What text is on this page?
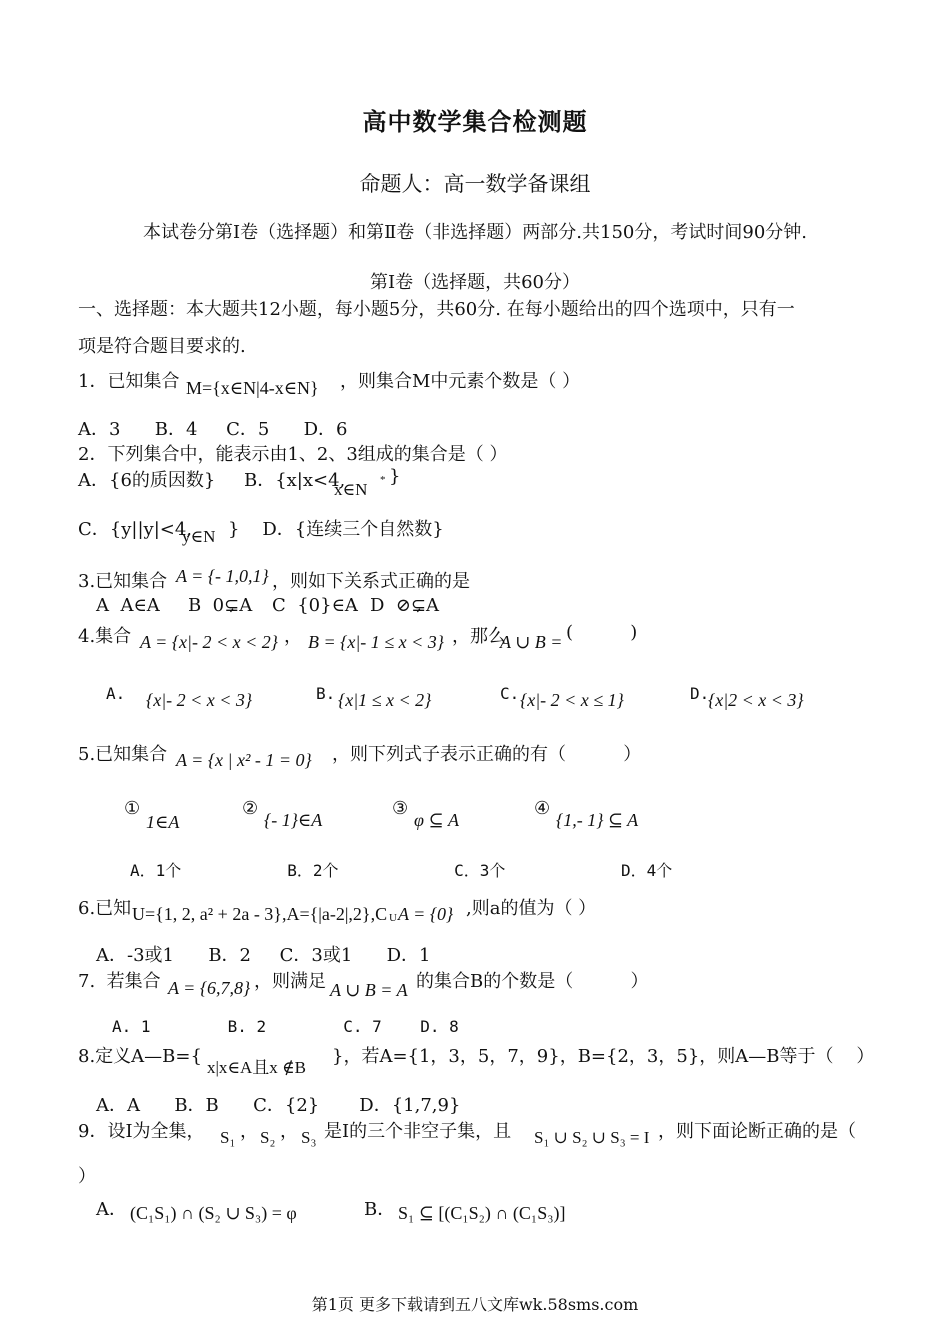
高中数学集合检测题
命题人：高一数学备课组
本试卷分第Ⅰ卷（选择题）和第Ⅱ卷（非选择题）两部分.共150分，考试时间90分钟.
第Ⅰ卷（选择题，共60分）
一、选择题：本大题共12小题，每小题5分，共60分. 在每小题给出的四个选项中，只有一
项是符合题目要求的.
1．已知集合 M={x∈N|4-x∈N} ，则集合M中元素个数是（ ）
A．3      B．4     C．5      D．6
2．下列集合中，能表示由1、2、3组成的集合是（ ）
A．{6的质因数}     B．{x|x<4,
x∈N * }
C．{y||y|<4,
y∈N }    D．{连续三个自然数}
3.已知集合 A = {- 1,0,1} ，则如下关系式正确的是
A  A∈A B  0⊊A C  {0}∈A D  ⊘⊊A
4.集合 A = {x|- 2 < x < 2} ， B = {x|- 1 ≤ x < 3} ，那么
A ∪ B = (          )
A. {x|- 2 < x < 3}	B. {x|1 ≤ x < 2}	C. {x|- 2 < x ≤ 1}	D.
{x|2 < x < 3}
5.已知集合 A = {x | x² - 1 = 0} ，则下列式子表示正确的有（          ）
①
1∈A
②
{- 1}∈A
③
φ ⊆ A
④
{1,- 1} ⊆ A
A．1个           B．2个            C．3个            D．4个
6.已知 U={1, 2, a² + 2a - 3},A={|a-2|,2},C U A = {0} ,则a的值为（ ）
A．-3或1      B．2     C．3或1      D．1
7.  若集合 A = {6,7,8} ，则满足 A ∪ B = A 的集合B的个数是（          ）
A. 1        B. 2        C. 7    D. 8
8.定义A—B={
x|x∈A且x ∉B
}，若A={1，3，5，7，9}，B={2，3，5}，则A—B等于（    ）
A．A      B．B      C．{2}       D．{1,7,9}
9．设I为全集， S₁ ， S₂ ， S₃ 是I的三个非空子集，且 S₁ ∪ S₂ ∪ S₃ = I ，则下面论断正确的是（
）
A． (C₁S₁) ∩ (S₂ ∪ S₃) = φ	B． S₁ ⊆ [(C₁S₂) ∩ (C₁S₃)]
第1页 更多下载请到五八文库wk.58sms.com
